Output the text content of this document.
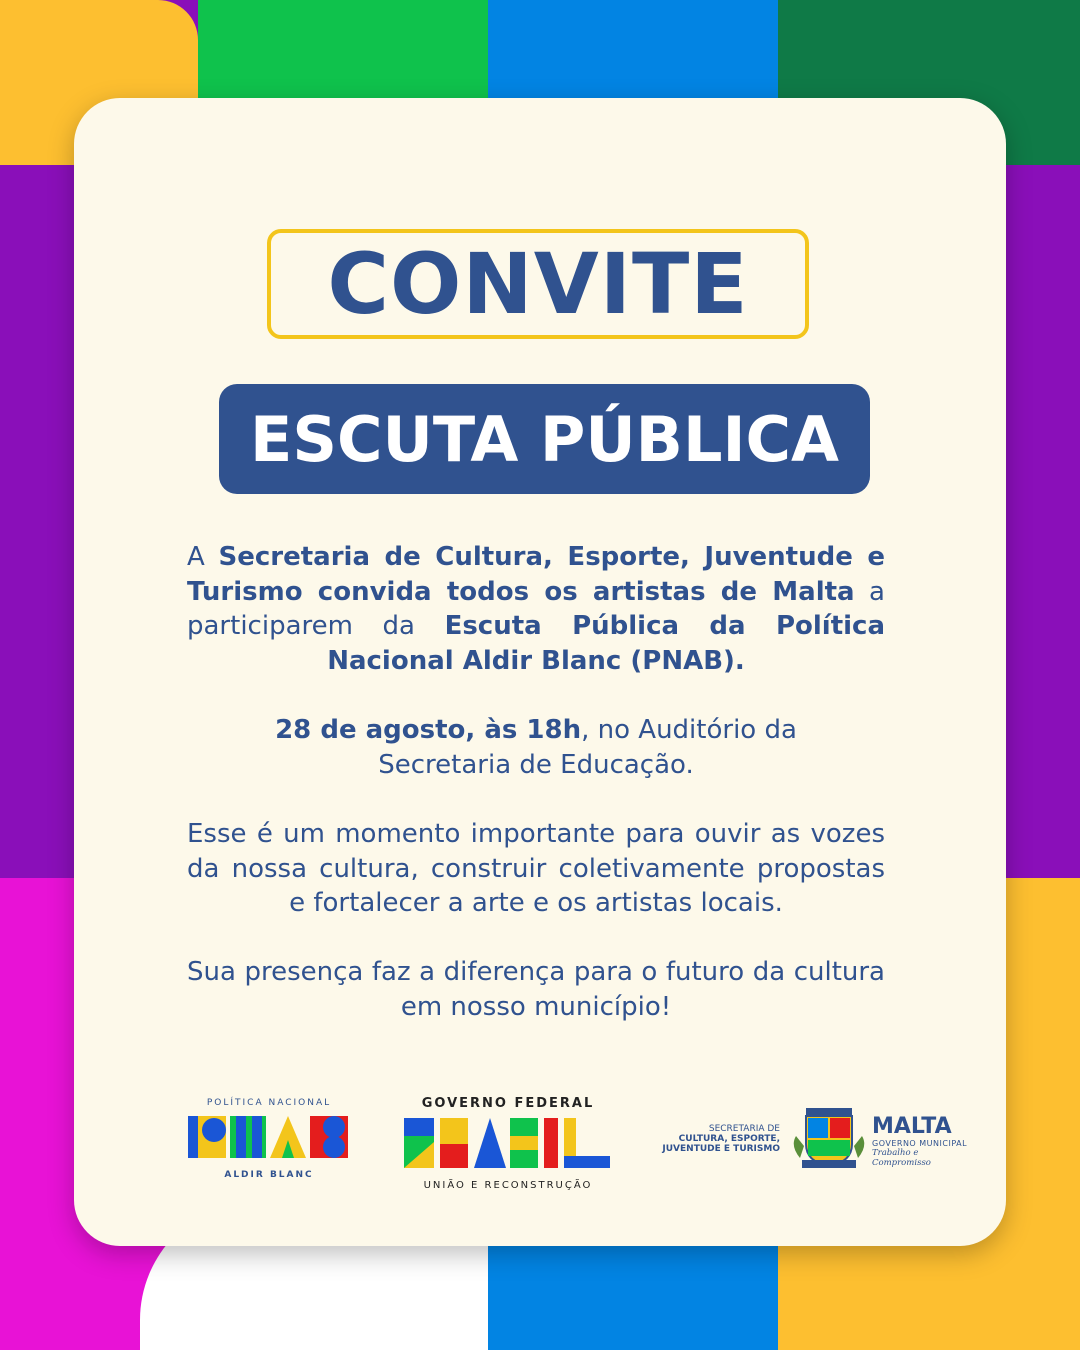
CONVITE
ESCUTA PÚBLICA
A Secretaria de Cultura, Esporte, Juventude e Turismo convida todos os artistas de Malta a participarem da Escuta Pública da Política Nacional Aldir Blanc (PNAB).
28 de agosto, às 18h, no Auditório da Secretaria de Educação.
Esse é um momento importante para ouvir as vozes da nossa cultura, construir coletivamente propostas e fortalecer a arte e os artistas locais.
Sua presença faz a diferença para o futuro da cultura em nosso município!
POLÍTICA NACIONAL
ALDIR BLANC
GOVERNO FEDERAL
UNIÃO E RECONSTRUÇÃO
SECRETARIA DE
CULTURA, ESPORTE,
JUVENTUDE E TURISMO
MALTA
GOVERNO MUNICIPAL
Trabalho e Compromisso
